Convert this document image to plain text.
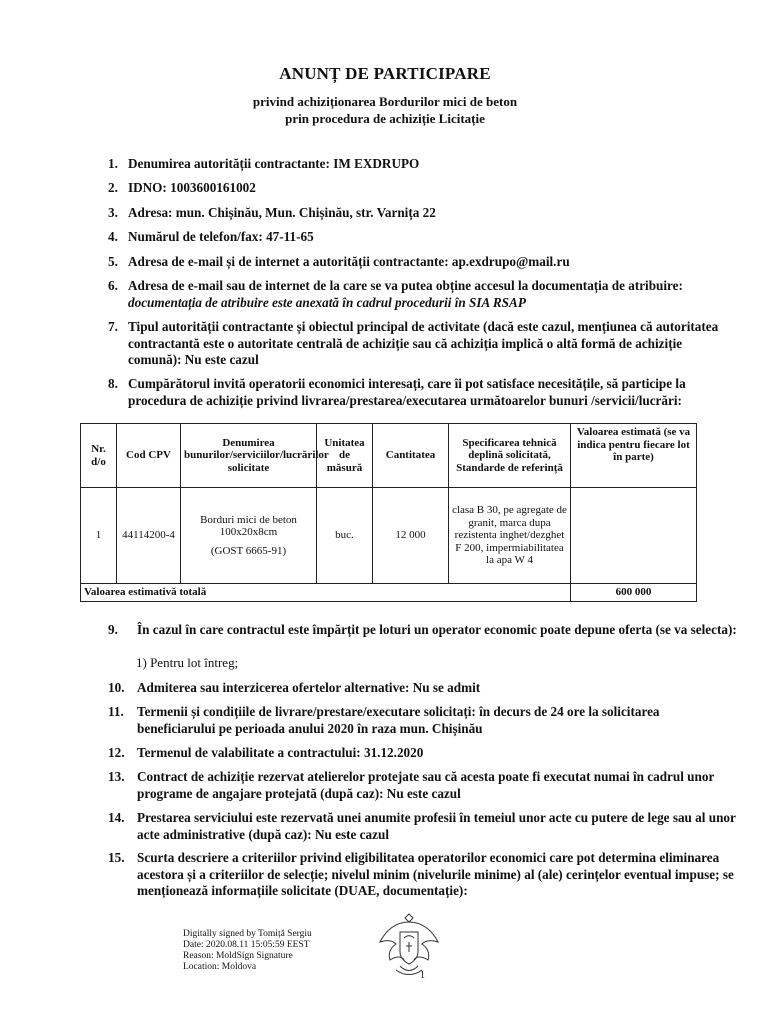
ANUNȚ DE PARTICIPARE
privind achiziționarea Bordurilor mici de beton
prin procedura de achiziție Licitație
1. Denumirea autorității contractante: IM EXDRUPO
2. IDNO: 1003600161002
3. Adresa: mun. Chișinău, Mun. Chișinău, str. Varnița 22
4. Numărul de telefon/fax: 47-11-65
5. Adresa de e-mail și de internet a autorității contractante: ap.exdrupo@mail.ru
6. Adresa de e-mail sau de internet de la care se va putea obține accesul la documentația de atribuire: documentația de atribuire este anexată în cadrul procedurii în SIA RSAP
7. Tipul autorității contractante și obiectul principal de activitate (dacă este cazul, mențiunea că autoritatea contractantă este o autoritate centrală de achiziție sau că achiziția implică o altă formă de achiziție comună): Nu este cazul
8. Cumpărătorul invită operatorii economici interesați, care îi pot satisface necesitățile, să participe la procedura de achiziție privind livrarea/prestarea/executarea următoarelor bunuri /servicii/lucrări:
Nr. d/o	Cod CPV	Denumirea bunurilor/serviciilor/lucrărilor solicitate	Unitatea de măsură	Cantitatea	Specificarea tehnică deplină solicitată, Standarde de referință	Valoarea estimată (se va indica pentru fiecare lot în parte)
1	44114200-4	Borduri mici de beton 100x20x8cm
(GOST 6665-91)	buc.	12 000	clasa B 30, pe agregate de granit, marca dupa rezistenta inghet/dezghet F 200, impermiabilitatea la apa W 4	
Valoarea estimativă totală						600 000
9.	În cazul în care contractul este împărțit pe loturi un operator economic poate depune oferta (se va selecta):
1) Pentru lot întreg;
10. Admiterea sau interzicerea ofertelor alternative: Nu se admit
11.	Termenii și condițiile de livrare/prestare/executare solicitați: în decurs de 24 ore la solicitarea beneficiarului pe perioada anului 2020 în raza mun. Chișinău
12. Termenul de valabilitate a contractului: 31.12.2020
13. Contract de achiziție rezervat atelierelor protejate sau că acesta poate fi executat numai în cadrul unor programe de angajare protejată (după caz): Nu este cazul
14. Prestarea serviciului este rezervată unei anumite profesii în temeiul unor acte cu putere de lege sau al unor acte administrative (după caz): Nu este cazul
15. Scurta descriere a criteriilor privind eligibilitatea operatorilor economici care pot determina eliminarea acestora și a criteriilor de selecție; nivelul minim (nivelurile minime) al (ale) cerințelor eventual impuse; se menționează informațiile solicitate (DUAE, documentație):
Digitally signed by Tomiță Sergiu
Date: 2020.08.11 15:05:59 EEST
Reason: MoldSign Signature
Location: Moldova
1
